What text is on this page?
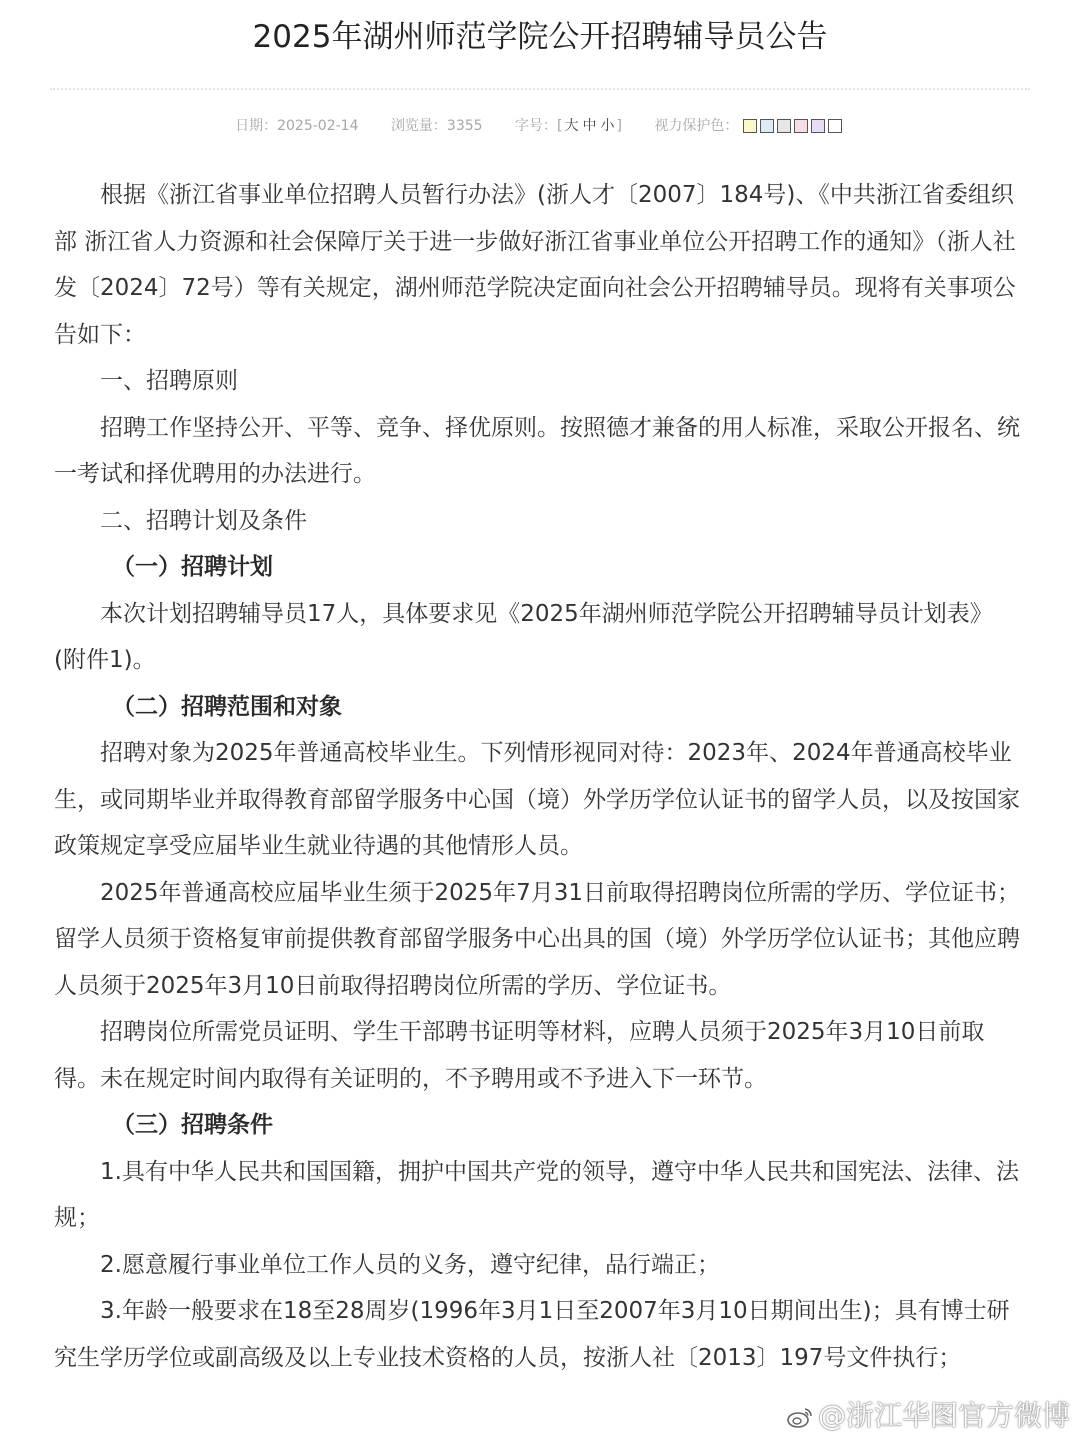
2025年湖州师范学院公开招聘辅导员公告
日期：2025-02-14 浏览量：3355 字号：[ 大 中 小 ] 视力保护色：

根据《浙江省事业单位招聘人员暂行办法》(浙人才〔2007〕184号)、《中共浙江省委组织部 浙江省人力资源和社会保障厅关于进一步做好浙江省事业单位公开招聘工作的通知》（浙人社发〔2024〕72号）等有关规定，湖州师范学院决定面向社会公开招聘辅导员。现将有关事项公告如下：

一、招聘原则

招聘工作坚持公开、平等、竞争、择优原则。按照德才兼备的用人标准，采取公开报名、统一考试和择优聘用的办法进行。

二、招聘计划及条件

（一）招聘计划

本次计划招聘辅导员17人，具体要求见《2025年湖州师范学院公开招聘辅导员计划表》(附件1)。

（二）招聘范围和对象

招聘对象为2025年普通高校毕业生。下列情形视同对待：2023年、2024年普通高校毕业生，或同期毕业并取得教育部留学服务中心国（境）外学历学位认证书的留学人员，以及按国家政策规定享受应届毕业生就业待遇的其他情形人员。

2025年普通高校应届毕业生须于2025年7月31日前取得招聘岗位所需的学历、学位证书；留学人员须于资格复审前提供教育部留学服务中心出具的国（境）外学历学位认证书；其他应聘人员须于2025年3月10日前取得招聘岗位所需的学历、学位证书。

招聘岗位所需党员证明、学生干部聘书证明等材料，应聘人员须于2025年3月10日前取得。未在规定时间内取得有关证明的，不予聘用或不予进入下一环节。

（三）招聘条件

1.具有中华人民共和国国籍，拥护中国共产党的领导，遵守中华人民共和国宪法、法律、法规；

2.愿意履行事业单位工作人员的义务，遵守纪律，品行端正；

3.年龄一般要求在18至28周岁(1996年3月1日至2007年3月10日期间出生)；具有博士研究生学历学位或副高级及以上专业技术资格的人员，按浙人社〔2013〕197号文件执行；

@浙江华图官方微博
